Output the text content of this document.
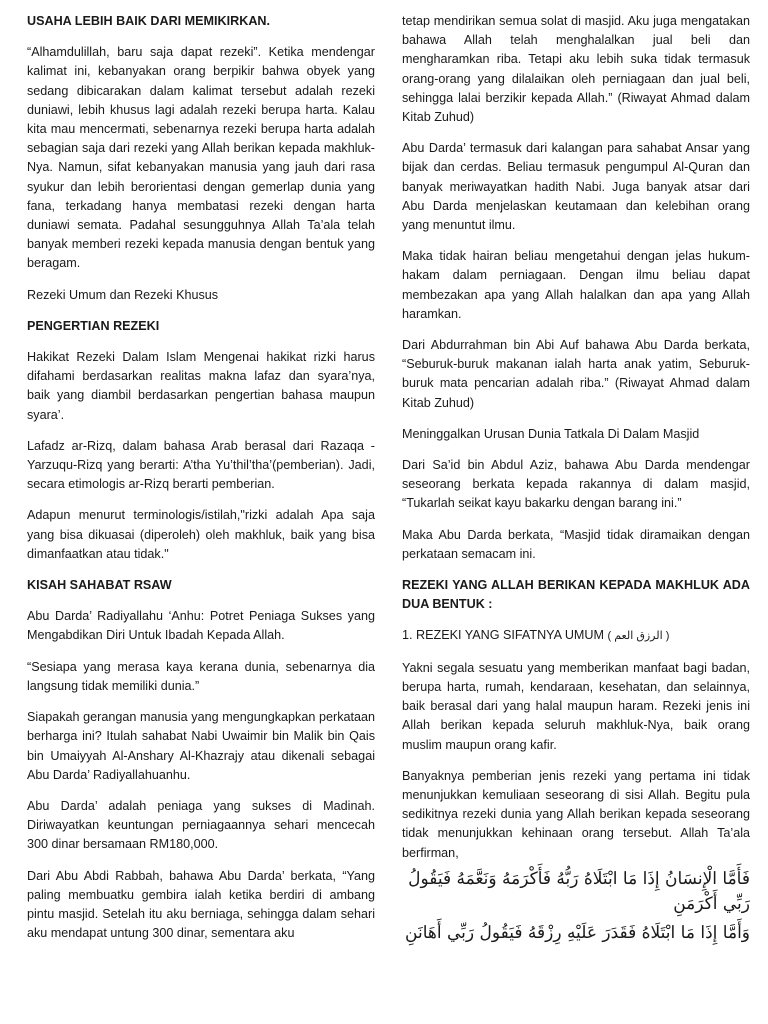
USAHA LEBIH BAIK DARI MEMIKIRKAN.

“Alhamdulillah, baru saja dapat rezeki”. Ketika mendengar kalimat ini, kebanyakan orang berpikir bahwa obyek yang sedang dibicarakan dalam kalimat tersebut adalah rezeki duniawi, lebih khusus lagi adalah rezeki berupa harta. Kalau kita mau mencermati, sebenarnya rezeki berupa harta adalah sebagian saja dari rezeki yang Allah berikan kepada makhluk-Nya. Namun, sifat kebanyakan manusia yang jauh dari rasa syukur dan lebih berorientasi dengan gemerlap dunia yang fana, terkadang hanya membatasi rezeki dengan harta duniawi semata. Padahal sesungguhnya Allah Ta’ala telah banyak memberi rezeki kepada manusia dengan bentuk yang beragam.

Rezeki Umum dan Rezeki Khusus

PENGERTIAN REZEKI

Hakikat Rezeki Dalam Islam Mengenai hakikat rizki harus difahami berdasarkan realitas makna lafaz dan syara’nya, baik yang diambil berdasarkan pengertian bahasa maupun syara’.

Lafadz ar-Rizq, dalam bahasa Arab berasal dari Razaqa - Yarzuqu-Rizq yang berarti: A’tha Yu’thil’tha’(pemberian). Jadi, secara etimologis ar-Rizq berarti pemberian.

Adapun menurut terminologis/istilah,"rizki adalah Apa saja yang bisa dikuasai (diperoleh) oleh makhluk, baik yang bisa dimanfaatkan atau tidak."

KISAH SAHABAT RSAW

Abu Darda’ Radiyallahu ‘Anhu: Potret Peniaga Sukses yang Mengabdikan Diri Untuk Ibadah Kepada Allah.

“Sesiapa yang merasa kaya kerana dunia, sebenarnya dia langsung tidak memiliki dunia.”

Siapakah gerangan manusia yang mengungkapkan perkataan berharga ini? Itulah sahabat Nabi Uwaimir bin Malik bin Qais bin Umaiyyah Al-Anshary Al-Khazrajy atau dikenali sebagai Abu Darda’ Radiyallahuanhu.

Abu Darda’ adalah peniaga yang sukses di Madinah. Diriwayatkan keuntungan perniagaannya sehari mencecah 300 dinar bersamaan RM180,000.

Dari Abu Abdi Rabbah, bahawa Abu Darda’ berkata, “Yang paling membuatku gembira ialah ketika berdiri di ambang pintu masjid. Setelah itu aku berniaga, sehingga dalam sehari aku mendapat untung 300 dinar, sementara aku

tetap mendirikan semua solat di masjid. Aku juga mengatakan bahawa Allah telah menghalalkan jual beli dan mengharamkan riba. Tetapi aku lebih suka tidak termasuk orang-orang yang dilalaikan oleh perniagaan dan jual beli, sehingga lalai berzikir kepada Allah.” (Riwayat Ahmad dalam Kitab Zuhud)

Abu Darda’ termasuk dari kalangan para sahabat Ansar yang bijak dan cerdas. Beliau termasuk pengumpul Al-Quran dan banyak meriwayatkan hadith Nabi. Juga banyak atsar dari Abu Darda menjelaskan keutamaan dan kelebihan orang yang menuntut ilmu.

Maka tidak hairan beliau mengetahui dengan jelas hukum-hakam dalam perniagaan. Dengan ilmu beliau dapat membezakan apa yang Allah halalkan dan apa yang Allah haramkan.

Dari Abdurrahman bin Abi Auf bahawa Abu Darda berkata, “Seburuk-buruk makanan ialah harta anak yatim, Seburuk-buruk mata pencarian adalah riba.” (Riwayat Ahmad dalam Kitab Zuhud)

Meninggalkan Urusan Dunia Tatkala Di Dalam Masjid

Dari Sa’id bin Abdul Aziz, bahawa Abu Darda mendengar seseorang berkata kepada rakannya di dalam masjid, “Tukarlah seikat kayu bakarku dengan barang ini.”

Maka Abu Darda berkata, “Masjid tidak diramaikan dengan perkataan semacam ini.

REZEKI YANG ALLAH BERIKAN KEPADA MAKHLUK ADA DUA BENTUK :

1. REZEKI YANG SIFATNYA UMUM ( الرزق العم )

Yakni segala sesuatu yang memberikan manfaat bagi badan, berupa harta, rumah, kendaraan, kesehatan, dan selainnya, baik berasal dari yang halal maupun haram. Rezeki jenis ini Allah berikan kepada seluruh makhluk-Nya, baik orang muslim maupun orang kafir.

Banyaknya pemberian jenis rezeki yang pertama ini tidak menunjukkan kemuliaan seseorang di sisi Allah. Begitu pula sedikitnya rezeki dunia yang Allah berikan kepada seseorang tidak menunjukkan kehinaan orang tersebut. Allah Ta’ala berfirman,

فَأَمَّا الْإِنسَانُ إِذَا مَا ابْتَلَاهُ رَبُّهُ فَأَكْرَمَهُ وَنَعَّمَهُ فَيَقُولُ رَبِّي أَكْرَمَنِ
وَأَمَّا إِذَا مَا ابْتَلَاهُ فَقَدَرَ عَلَيْهِ رِزْقَهُ فَيَقُولُ رَبِّي أَهَانَنِ
